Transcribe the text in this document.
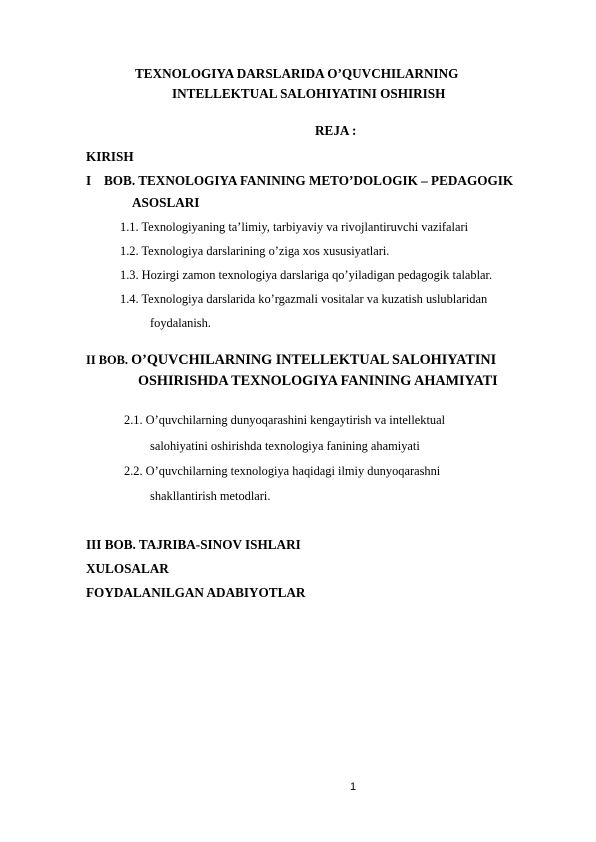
TEXNOLOGIYA DARSLARIDA O’QUVCHILARNING
INTELLEKTUAL SALOHIYATINI OSHIRISH
REJA :
KIRISH
I BOB. TEXNOLOGIYA FANINING METO’DOLOGIK – PEDAGOGIK
ASOSLARI
1.1. Texnologiyaning ta’limiy, tarbiyaviy va rivojlantiruvchi vazifalari
1.2. Texnologiya darslarining o’ziga xos xususiyatlari.
1.3. Hozirgi zamon texnologiya darslariga qo’yiladigan pedagogik talablar.
1.4. Texnologiya darslarida ko’rgazmali vositalar va kuzatish uslublaridan
foydalanish.
II BOB. O’QUVCHILARNING INTELLEKTUAL SALOHIYATINI
OSHIRISHDA TEXNOLOGIYA FANINING AHAMIYATI
2.1. O’quvchilarning dunyoqarashini kengaytirish va intellektual
salohiyatini oshirishda texnologiya fanining ahamiyati
2.2. O’quvchilarning texnologiya haqidagi ilmiy dunyoqarashni
shakllantirish metodlari.
III BOB. TAJRIBA-SINOV ISHLARI
XULOSALAR
FOYDALANILGAN ADABIYOTLAR
1
